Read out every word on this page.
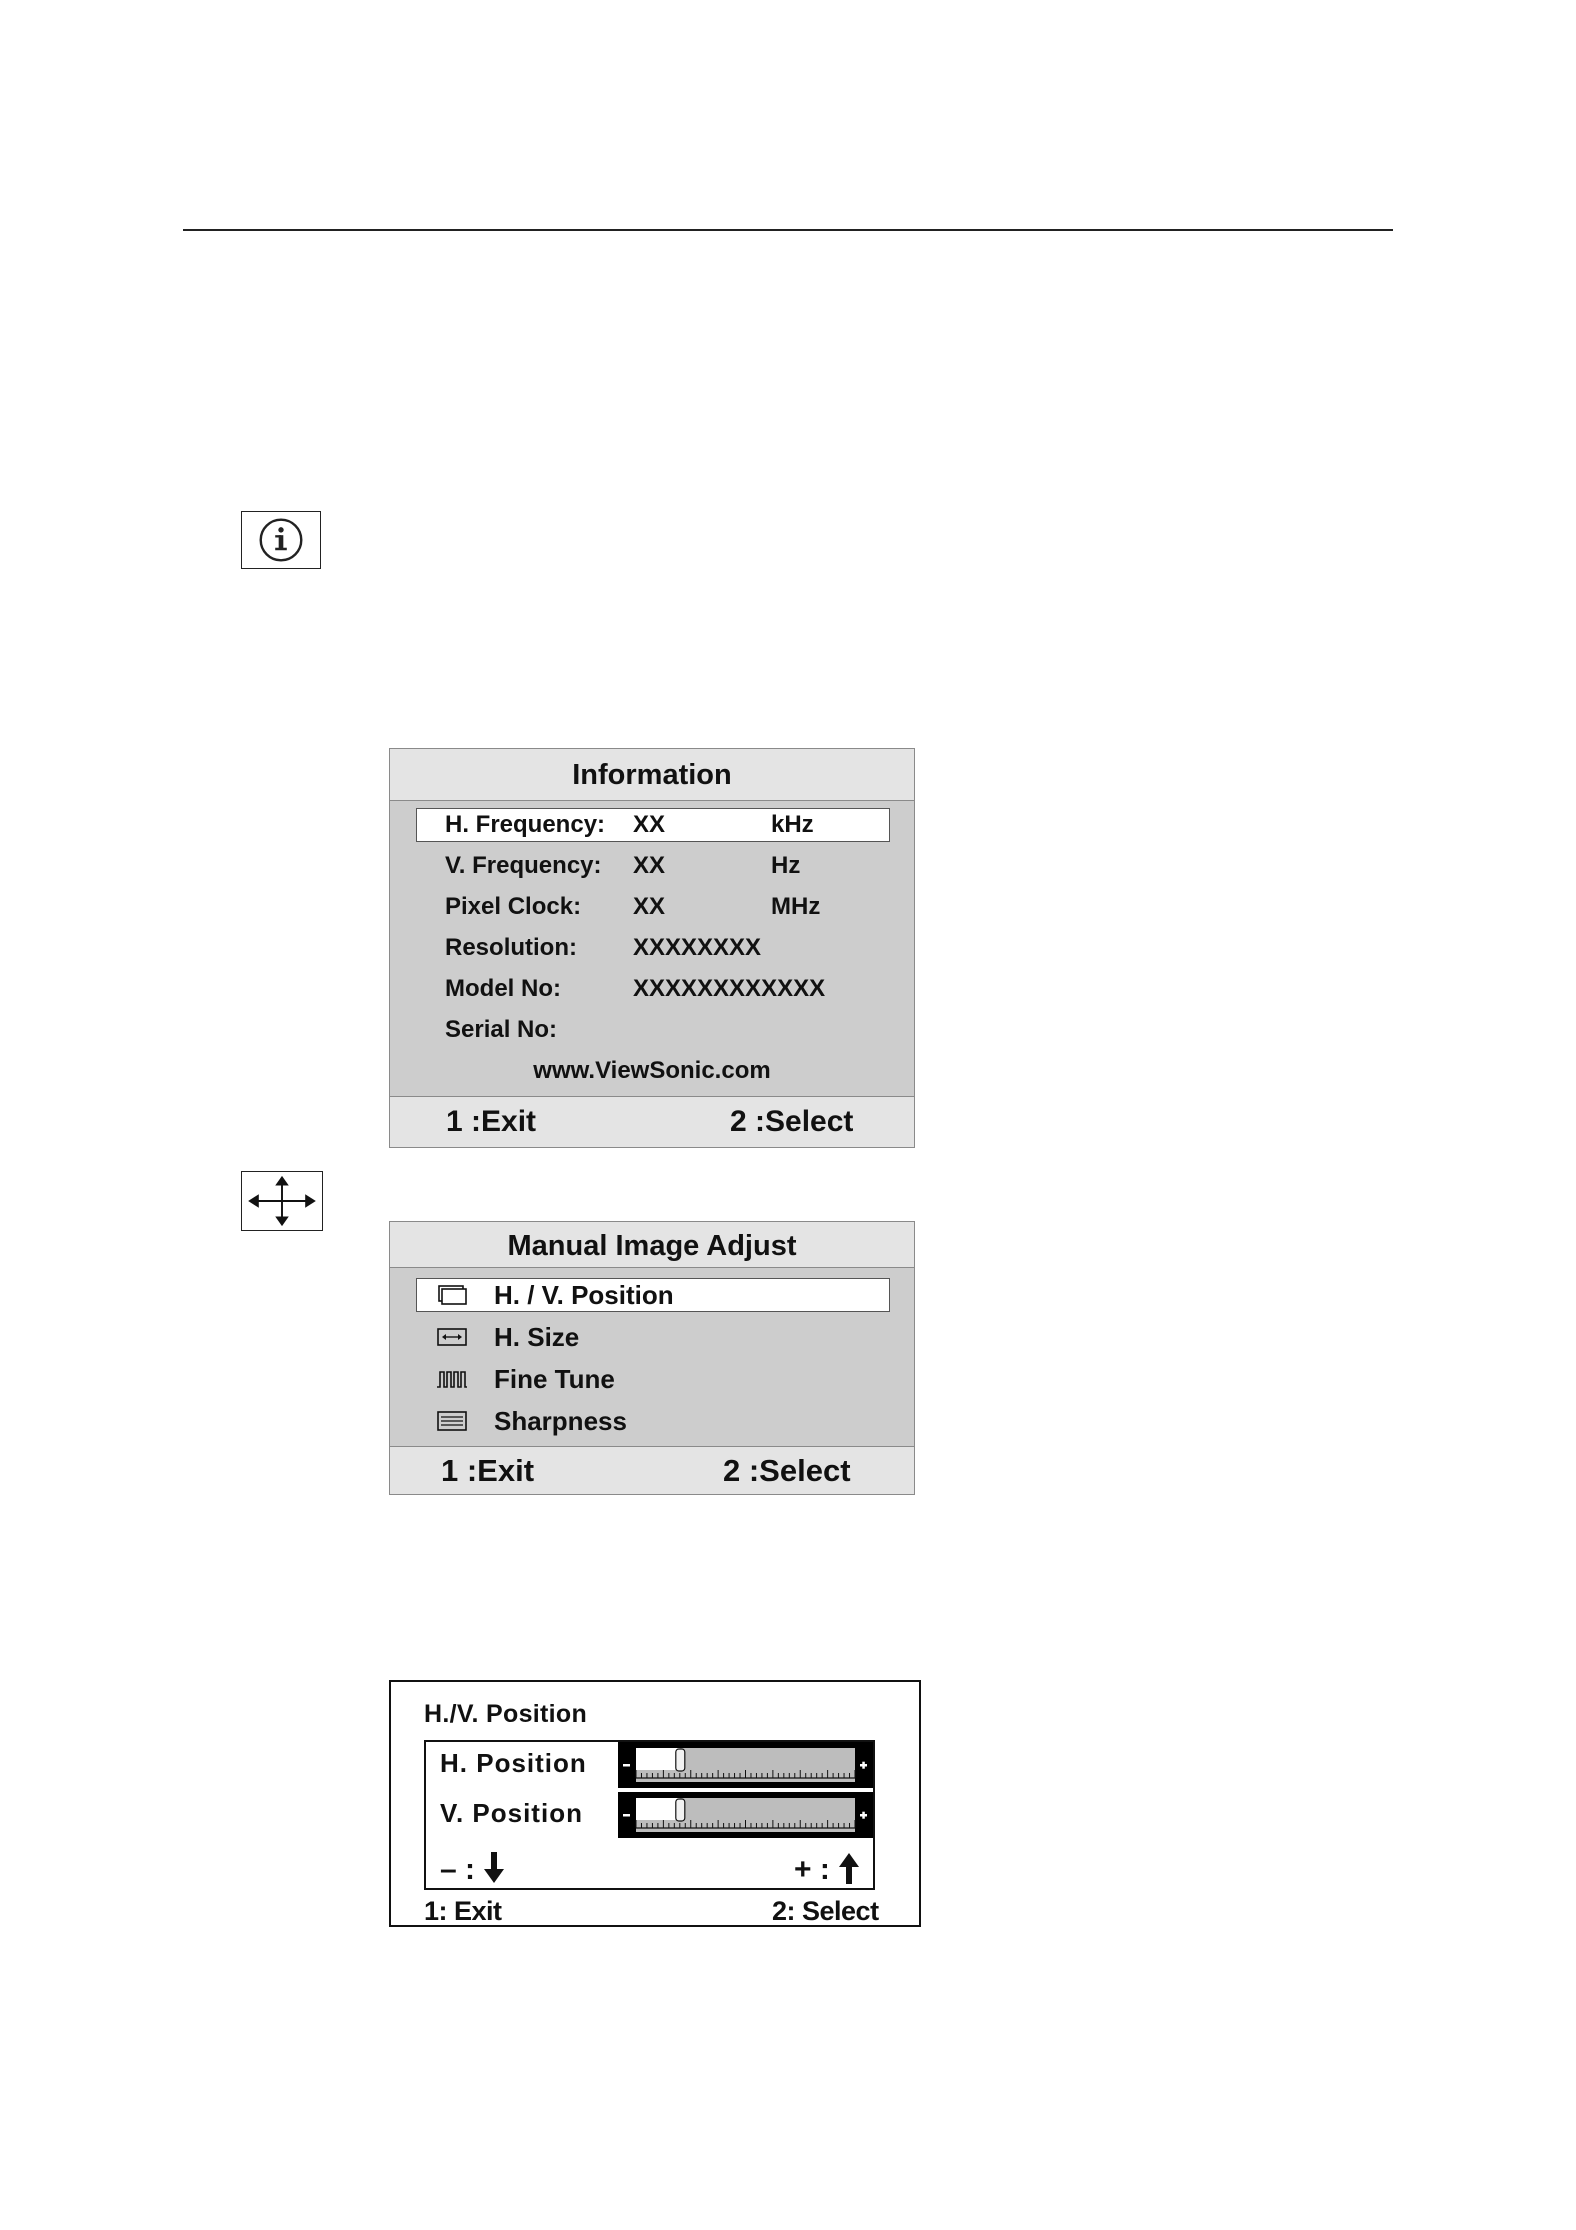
Information
H. Frequency: XX	kHz
V. Frequency: XX	Hz
Pixel Clock: XX	MHz
Resolution: XXXXXXXX
Model No:	XXXXXXXXXXXX
Serial No:
www.ViewSonic.com
1 :Exit	2 :Select
Manual Image Adjust
H. / V. Position
H. Size
Fine Tune
Sharpness
1 :Exit	2 :Select
H./V. Position
H. Position
V. Position
– :	+ :
1: Exit	2: Select
